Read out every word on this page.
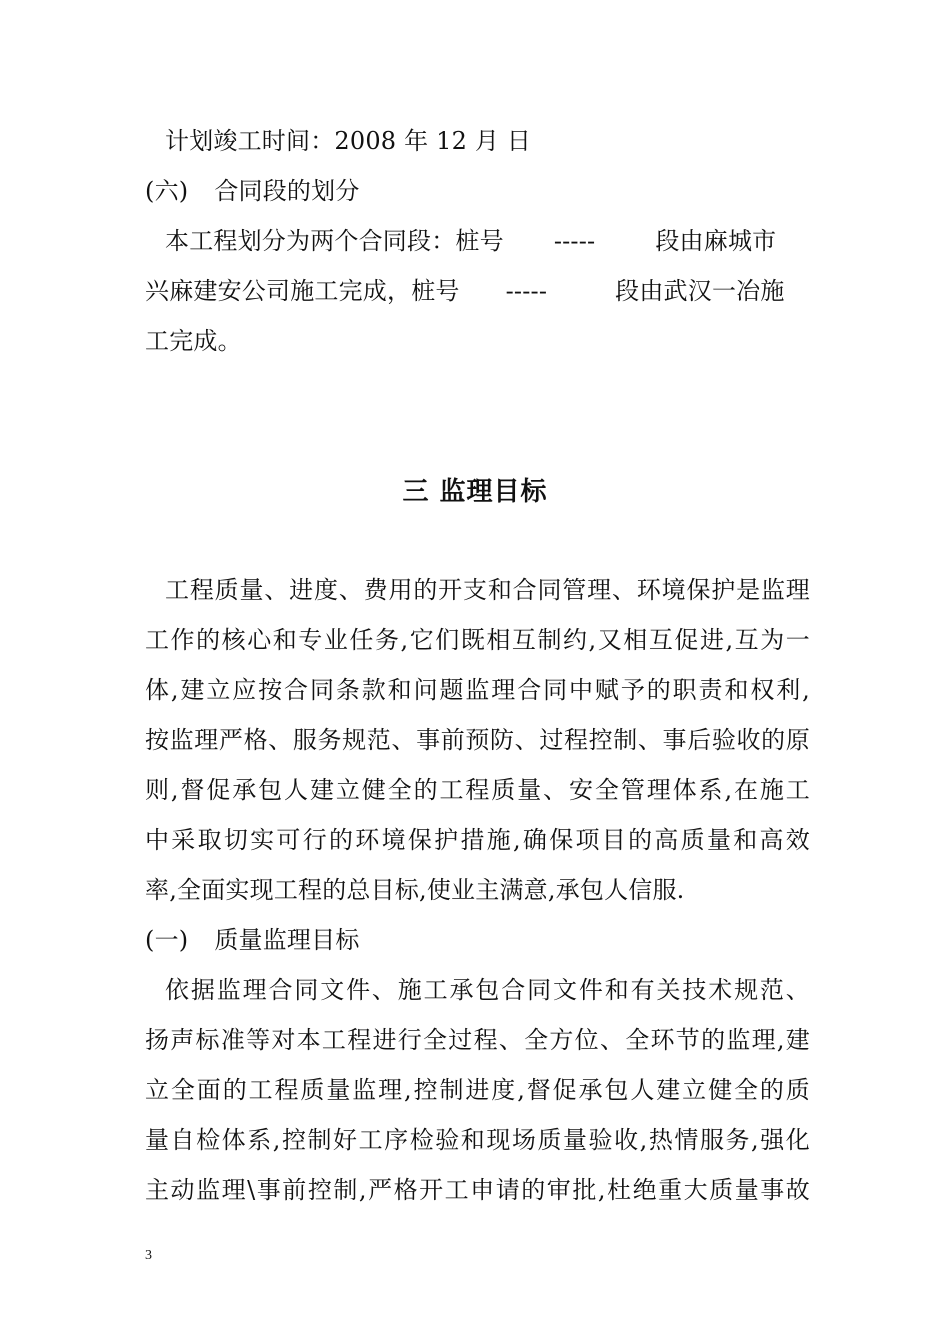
计划竣工时间：2008 年 12 月 日
(六) 合同段的划分
本工程划分为两个合同段：桩号 -----	段由麻城市
兴麻建安公司施工完成，桩号 -----	段由武汉一冶施
工完成。
三 监理目标
工程质量、进度、费用的开支和合同管理、环境保护是监理
工作的核心和专业任务,它们既相互制约,又相互促进,互为一
体,建立应按合同条款和问题监理合同中赋予的职责和权利,
按监理严格、服务规范、事前预防、过程控制、事后验收的原
则,督促承包人建立健全的工程质量、安全管理体系,在施工
中采取切实可行的环境保护措施,确保项目的高质量和高效
率,全面实现工程的总目标,使业主满意,承包人信服.
(一) 质量监理目标
依据监理合同文件、施工承包合同文件和有关技术规范、
扬声标准等对本工程进行全过程、全方位、全环节的监理,建
立全面的工程质量监理,控制进度,督促承包人建立健全的质
量自检体系,控制好工序检验和现场质量验收,热情服务,强化
主动监理\事前控制,严格开工申请的审批,杜绝重大质量事故
3
